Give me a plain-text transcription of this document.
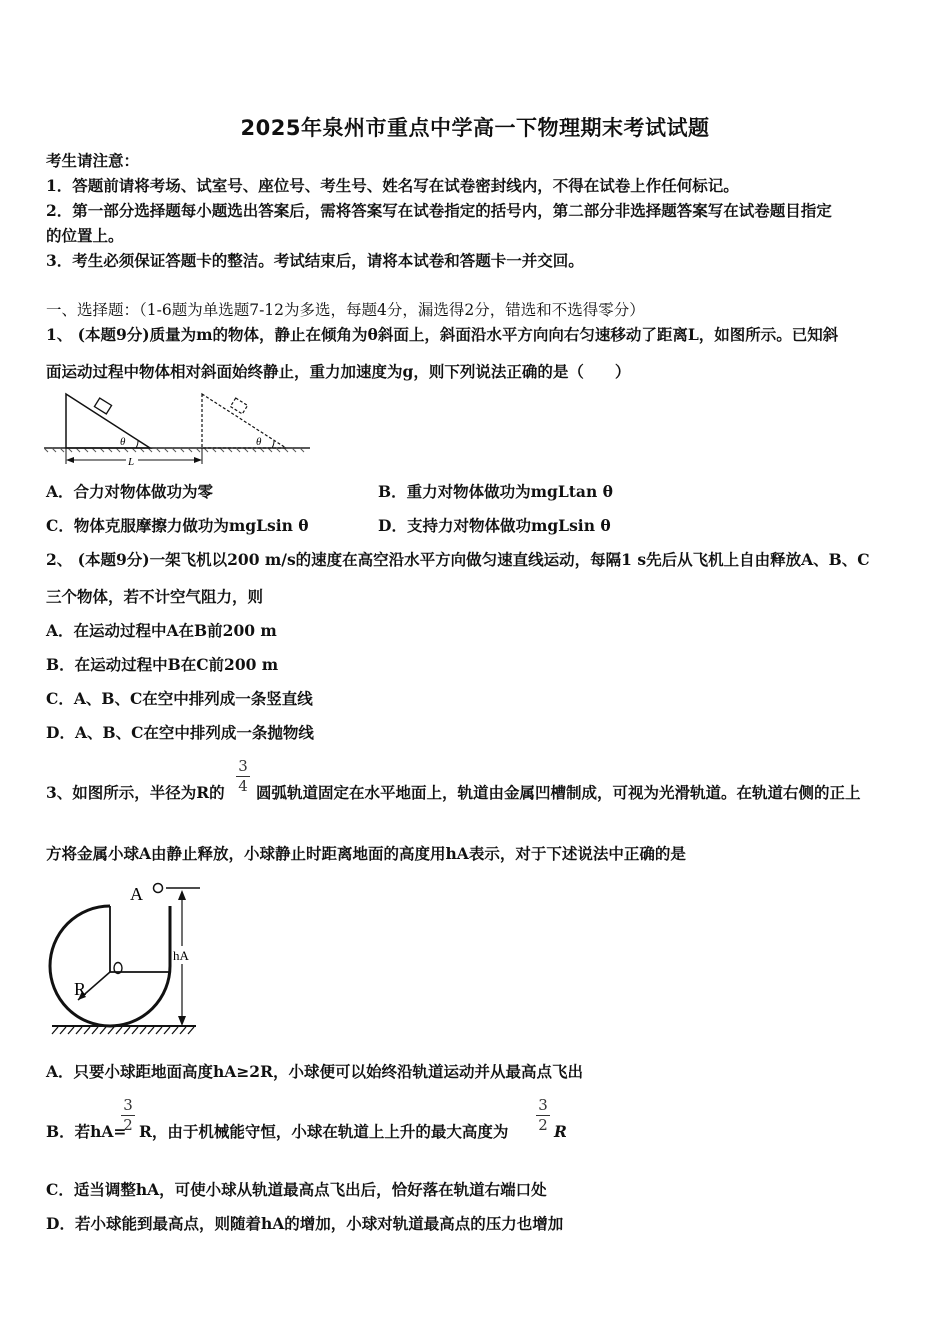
2025年泉州市重点中学高一下物理期末考试试题
考生请注意：
1．答题前请将考场、试室号、座位号、考生号、姓名写在试卷密封线内，不得在试卷上作任何标记。
2．第一部分选择题每小题选出答案后，需将答案写在试卷指定的括号内，第二部分非选择题答案写在试卷题目指定
的位置上。
3．考生必须保证答题卡的整洁。考试结束后，请将本试卷和答题卡一并交回。
一、选择题：（1-6题为单选题7-12为多选，每题4分，漏选得2分，错选和不选得零分）
1、 (本题9分)质量为m的物体，静止在倾角为θ斜面上，斜面沿水平方向向右匀速移动了距离L，如图所示。已知斜
面运动过程中物体相对斜面始终静止，重力加速度为g，则下列说法正确的是（　　）
θ	θ
L
A．合力对物体做功为零	B．重力对物体做功为mgLtan θ
C．物体克服摩擦力做功为mgLsin θ	D．支持力对物体做功mgLsin θ
2、 (本题9分)一架飞机以200 m/s的速度在高空沿水平方向做匀速直线运动，每隔1 s先后从飞机上自由释放A、B、C
三个物体，若不计空气阻力，则
A．在运动过程中A在B前200 m
B．在运动过程中B在C前200 m
C．A、B、C在空中排列成一条竖直线
D．A、B、C在空中排列成一条抛物线
3、如图所示，半径为R的
3
4 圆弧轨道固定在水平地面上，轨道由金属凹槽制成，可视为光滑轨道。在轨道右侧的正上
方将金属小球A由静止释放，小球静止时距离地面的高度用hA表示，对于下述说法中正确的是
R
A
hA
A．只要小球距地面高度hA≥2R，小球便可以始终沿轨道运动并从最高点飞出
B．若hA=
3
2 R，由于机械能守恒，小球在轨道上上升的最大高度为
3
2 R
C．适当调整hA，可使小球从轨道最高点飞出后，恰好落在轨道右端口处
D．若小球能到最高点，则随着hA的增加，小球对轨道最高点的压力也增加
